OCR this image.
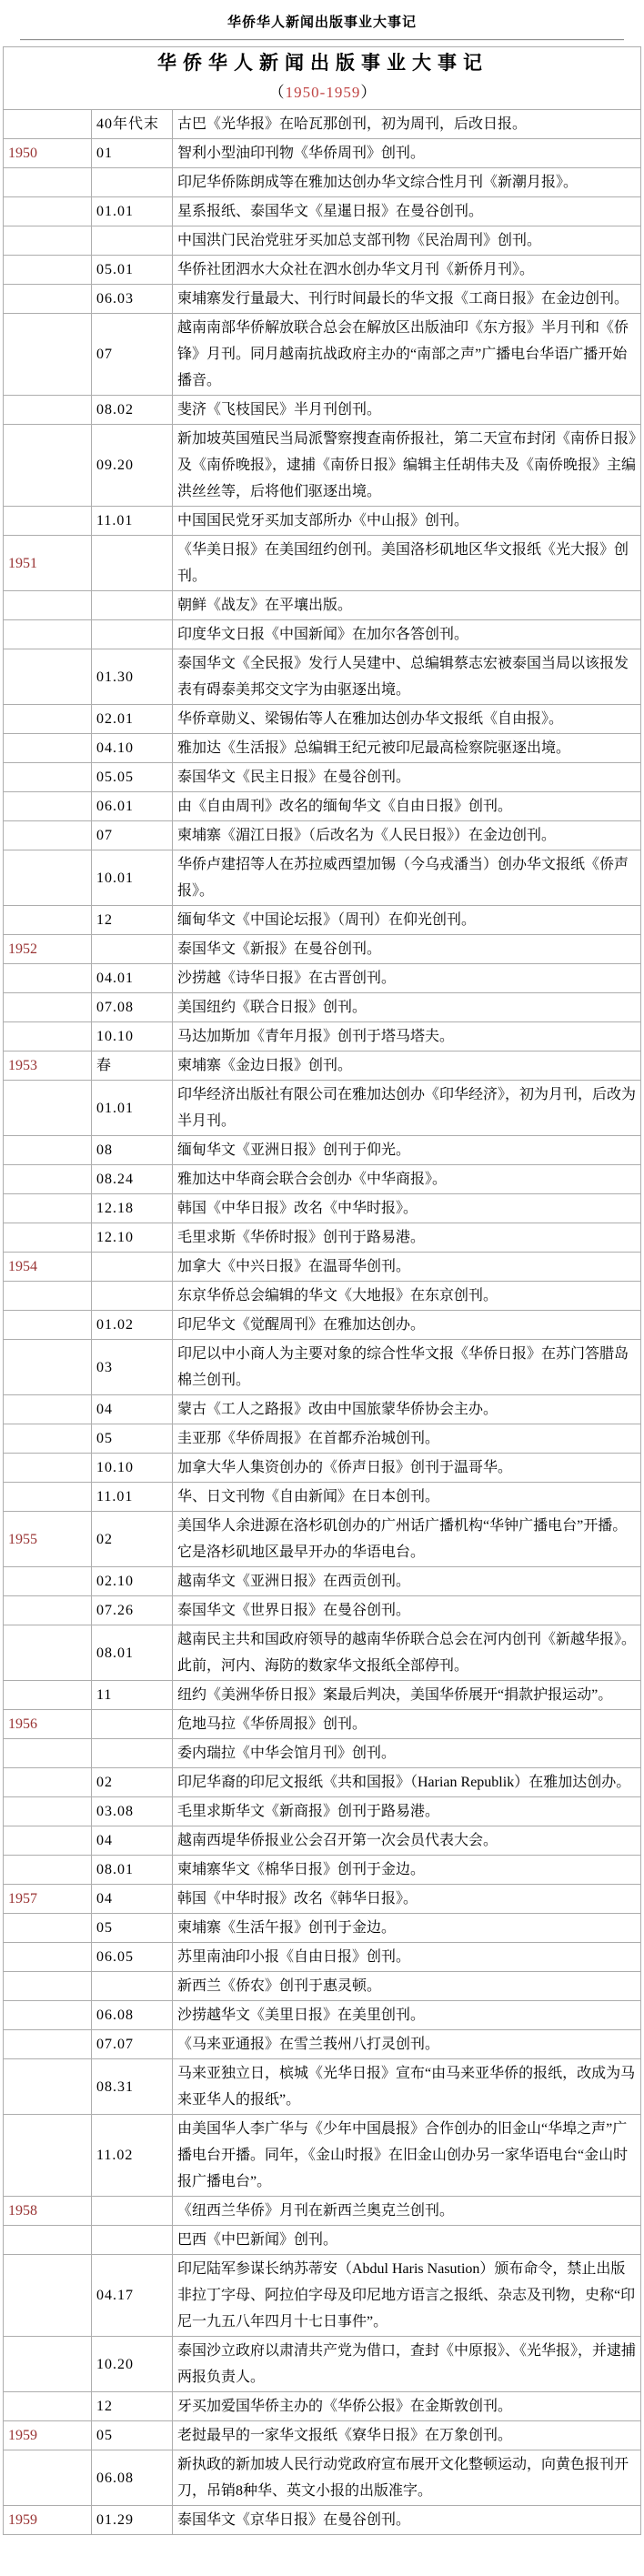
华侨华人新闻出版事业大事记
华侨华人新闻出版事业大事记
（1950-1959）		

	40年代末	古巴《光华报》在哈瓦那创刊，初为周刊，后改日报。
1950	01	智利小型油印刊物《华侨周刊》创刊。
		印尼华侨陈朗成等在雅加达创办华文综合性月刊《新潮月报》。
	01.01	星系报纸、泰国华文《星暹日报》在曼谷创刊。
		中国洪门民治党驻牙买加总支部刊物《民治周刊》创刊。
	05.01	华侨社团泗水大众社在泗水创办华文月刊《新侨月刊》。
	06.03	柬埔寨发行量最大、刊行时间最长的华文报《工商日报》在金边创刊。
	07	越南南部华侨解放联合总会在解放区出版油印《东方报》半月刊和《侨锋》月刊。同月越南抗战政府主办的“南部之声”广播电台华语广播开始播音。
	08.02	斐济《飞枝国民》半月刊创刊。
	09.20	新加坡英国殖民当局派警察搜查南侨报社，第二天宣布封闭《南侨日报》及《南侨晚报》，逮捕《南侨日报》编辑主任胡伟夫及《南侨晚报》主编洪丝丝等，后将他们驱逐出境。
	11.01	中国国民党牙买加支部所办《中山报》创刊。
1951		《华美日报》在美国纽约创刊。美国洛杉矶地区华文报纸《光大报》创刊。
		朝鲜《战友》在平壤出版。
		印度华文日报《中国新闻》在加尔各答创刊。
	01.30	泰国华文《全民报》发行人吴建中、总编辑蔡志宏被泰国当局以该报发表有碍泰美邦交文字为由驱逐出境。
	02.01	华侨章勋义、梁锡佑等人在雅加达创办华文报纸《自由报》。
	04.10	雅加达《生活报》总编辑王纪元被印尼最高检察院驱逐出境。
	05.05	泰国华文《民主日报》在曼谷创刊。
	06.01	由《自由周刊》改名的缅甸华文《自由日报》创刊。
	07	柬埔寨《湄江日报》（后改名为《人民日报》）在金边创刊。
	10.01	华侨卢建招等人在苏拉威西望加锡（今乌戎潘当）创办华文报纸《侨声报》。
	12	缅甸华文《中国论坛报》（周刊）在仰光创刊。
1952		泰国华文《新报》在曼谷创刊。
	04.01	沙捞越《诗华日报》在古晋创刊。
	07.08	美国纽约《联合日报》创刊。
	10.10	马达加斯加《青年月报》创刊于塔马塔夫。
1953	春	柬埔寨《金边日报》创刊。
	01.01	印华经济出版社有限公司在雅加达创办《印华经济》，初为月刊，后改为半月刊。
	08	缅甸华文《亚洲日报》创刊于仰光。
	08.24	雅加达中华商会联合会创办《中华商报》。
	12.18	韩国《中华日报》改名《中华时报》。
	12.10	毛里求斯《华侨时报》创刊于路易港。
1954		加拿大《中兴日报》在温哥华创刊。
		东京华侨总会编辑的华文《大地报》在东京创刊。
	01.02	印尼华文《觉醒周刊》在雅加达创办。
	03	印尼以中小商人为主要对象的综合性华文报《华侨日报》在苏门答腊岛棉兰创刊。
	04	蒙古《工人之路报》改由中国旅蒙华侨协会主办。
	05	圭亚那《华侨周报》在首都乔治城创刊。
	10.10	加拿大华人集资创办的《侨声日报》创刊于温哥华。
	11.01	华、日文刊物《自由新闻》在日本创刊。
1955	02	美国华人余进源在洛杉矶创办的广州话广播机构“华钟广播电台”开播。它是洛杉矶地区最早开办的华语电台。
	02.10	越南华文《亚洲日报》在西贡创刊。
	07.26	泰国华文《世界日报》在曼谷创刊。
	08.01	越南民主共和国政府领导的越南华侨联合总会在河内创刊《新越华报》。此前，河内、海防的数家华文报纸全部停刊。
	11	纽约《美洲华侨日报》案最后判决，美国华侨展开“捐款护报运动”。
1956		危地马拉《华侨周报》创刊。
		委内瑞拉《中华会馆月刊》创刊。
	02	印尼华裔的印尼文报纸《共和国报》（Harian Republik）在雅加达创办。
	03.08	毛里求斯华文《新商报》创刊于路易港。
	04	越南西堤华侨报业公会召开第一次会员代表大会。
	08.01	柬埔寨华文《棉华日报》创刊于金边。
1957	04	韩国《中华时报》改名《韩华日报》。
	05	柬埔寨《生活午报》创刊于金边。
	06.05	苏里南油印小报《自由日报》创刊。
		新西兰《侨农》创刊于惠灵顿。
	06.08	沙捞越华文《美里日报》在美里创刊。
	07.07	《马来亚通报》在雪兰莪州八打灵创刊。
	08.31	马来亚独立日，槟城《光华日报》宣布“由马来亚华侨的报纸，改成为马来亚华人的报纸”。
	11.02	由美国华人李广华与《少年中国晨报》合作创办的旧金山“华埠之声”广播电台开播。同年，《金山时报》在旧金山创办另一家华语电台“金山时报广播电台”。
1958		《纽西兰华侨》月刊在新西兰奥克兰创刊。
		巴西《中巴新闻》创刊。
	04.17	印尼陆军参谋长纳苏蒂安（Abdul Haris Nasution）颁布命令，禁止出版非拉丁字母、阿拉伯字母及印尼地方语言之报纸、杂志及刊物，史称“印尼一九五八年四月十七日事件”。
	10.20	泰国沙立政府以肃清共产党为借口，查封《中原报》、《光华报》，并逮捕两报负责人。
	12	牙买加爱国华侨主办的《华侨公报》在金斯敦创刊。
1959	05	老挝最早的一家华文报纸《寮华日报》在万象创刊。
	06.08	新执政的新加坡人民行动党政府宣布展开文化整顿运动，向黄色报刊开刀，吊销8种华、英文小报的出版准字。
1959	01.29	泰国华文《京华日报》在曼谷创刊。
